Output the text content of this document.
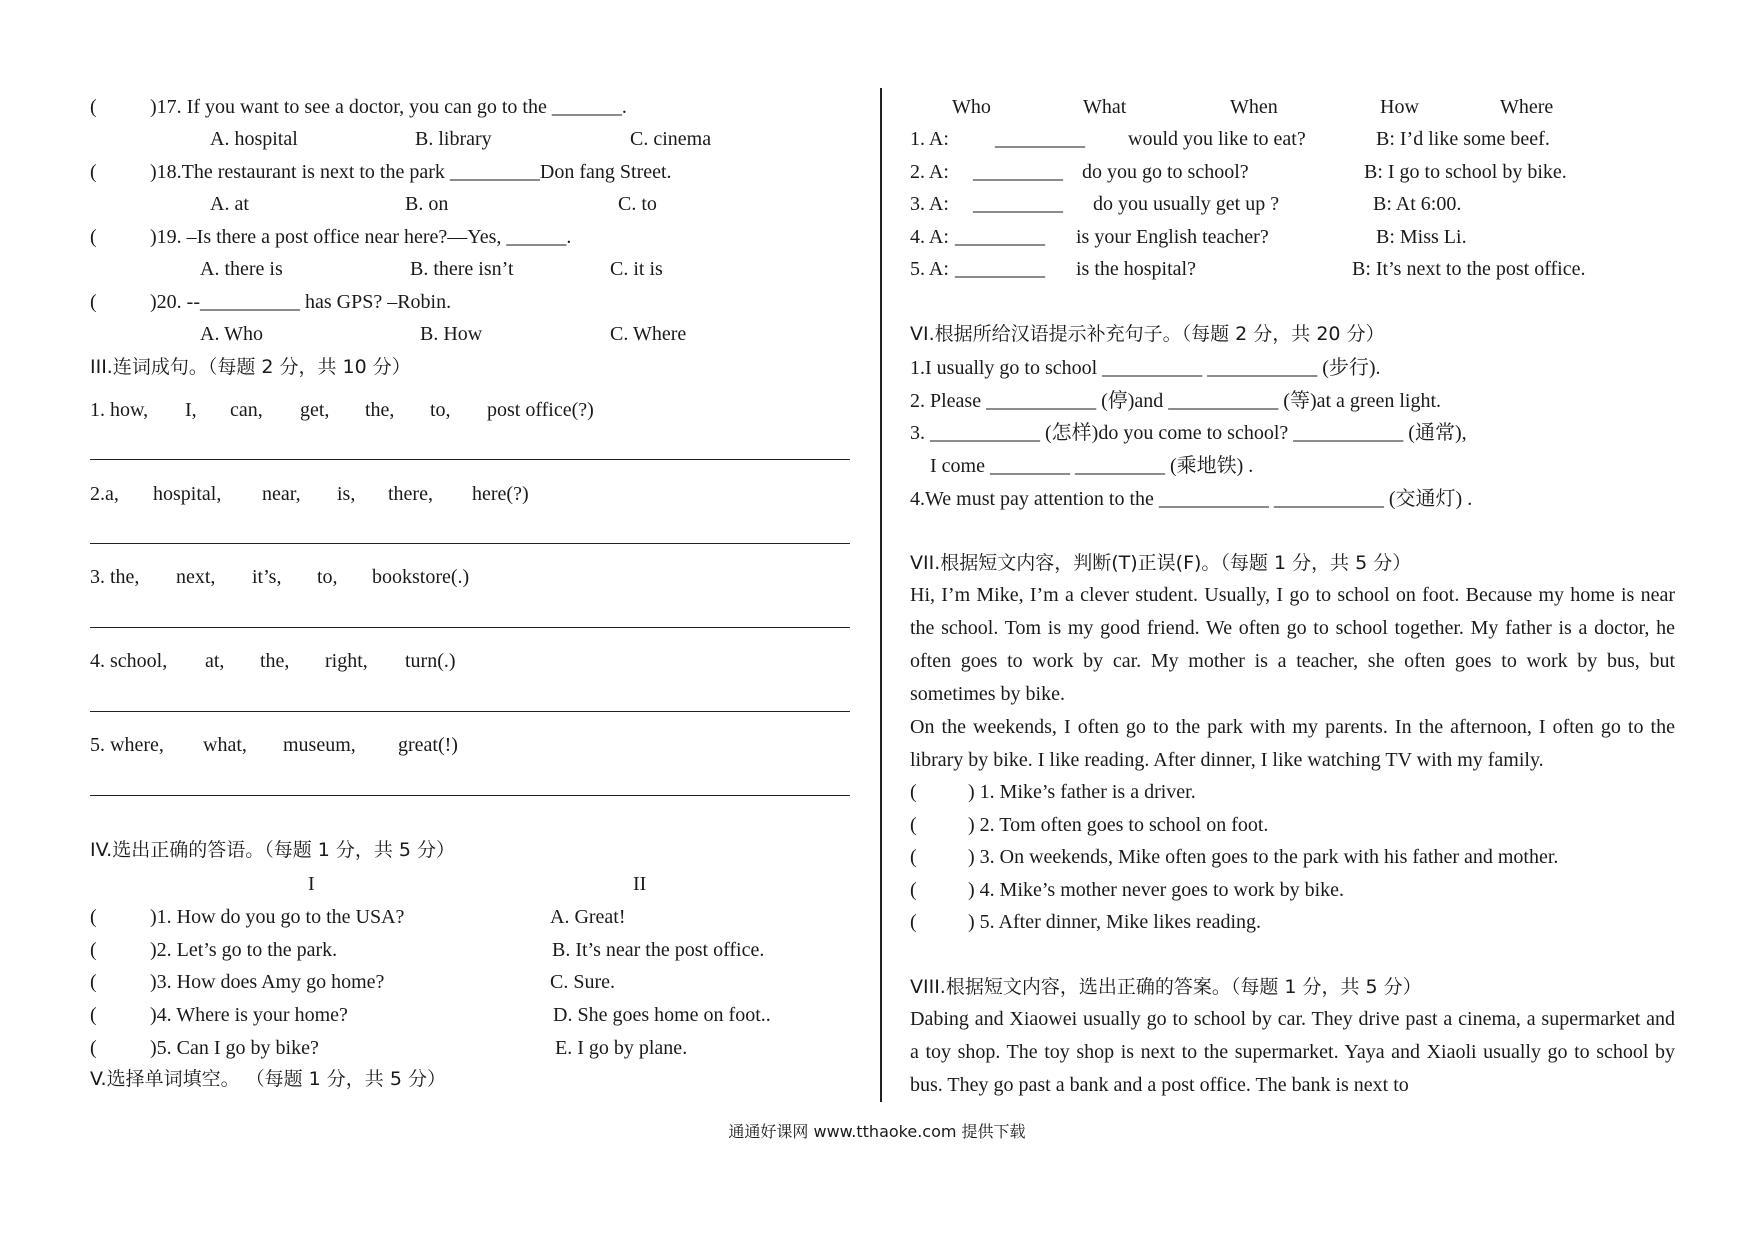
(	)17. If you want to see a doctor, you can go to the _______.
A. hospital	B. library	C. cinema
(	)18.The restaurant is next to the park _________Don fang Street.
A. at	B. on	C. to
(	)19. –Is there a post office near here?—Yes, ______.
A. there is	B. there isn’t	C. it is
(	)20. --__________ has GPS? –Robin.
A. Who	B. How	C. Where
III.连词成句。（每题 2 分，共 10 分）
1. how, I, can, get, the, to, post office(?)
2.a, hospital, near, is, there, here(?)
3. the, next, it’s, to, bookstore(.)
4. school, at, the, right, turn(.)
5. where, what, museum, great(!)
IV.选出正确的答语。（每题 1 分，共 5 分）
I	II
(	)1. How do you go to the USA?	A. Great!
(	)2. Let’s go to the park.	B. It’s near the post office.
(	)3. How does Amy go home?	C. Sure.
(	)4. Where is your home?	D. She goes home on foot..
(	)5. Can I go by bike?	E. I go by plane.
V.选择单词填空。 （每题 1 分，共 5 分）
Who	What	When	How	Where
1. A: _________ would you like to eat?	B: I’d like some beef.
2. A: _________ do you go to school?	B: I go to school by bike.
3. A: _________ do you usually get up ?	B: At 6:00.
4. A: _________ is your English teacher?	B: Miss Li.
5. A: _________ is the hospital?	B: It’s next to the post office.
VI.根据所给汉语提示补充句子。（每题 2 分，共 20 分）
1.I usually go to school __________ ___________ (步行).
2. Please ___________ (停)and ___________ (等)at a green light.
3. ___________ (怎样)do you come to school? ___________ (通常),
I come ________ _________ (乘地铁) .
4.We must pay attention to the ___________ ___________ (交通灯) .
VII.根据短文内容，判断(T)正误(F)。（每题 1 分，共 5 分）
Hi, I’m Mike, I’m a clever student. Usually, I go to school on foot. Because my home is near the school. Tom is my good friend. We often go to school together. My father is a doctor, he often goes to work by car. My mother is a teacher, she often goes to work by bus, but sometimes by bike.
On the weekends, I often go to the park with my parents. In the afternoon, I often go to the library by bike. I like reading. After dinner, I like watching TV with my family.
(	) 1. Mike’s father is a driver.
(	) 2. Tom often goes to school on foot.
(	) 3. On weekends, Mike often goes to the park with his father and mother.
(	) 4. Mike’s mother never goes to work by bike.
(	) 5. After dinner, Mike likes reading.
VIII.根据短文内容，选出正确的答案。（每题 1 分，共 5 分）
Dabing and Xiaowei usually go to school by car. They drive past a cinema, a supermarket and a toy shop. The toy shop is next to the supermarket. Yaya and Xiaoli usually go to school by bus. They go past a bank and a post office. The bank is next to
通通好课网 www.tthaoke.com 提供下载
